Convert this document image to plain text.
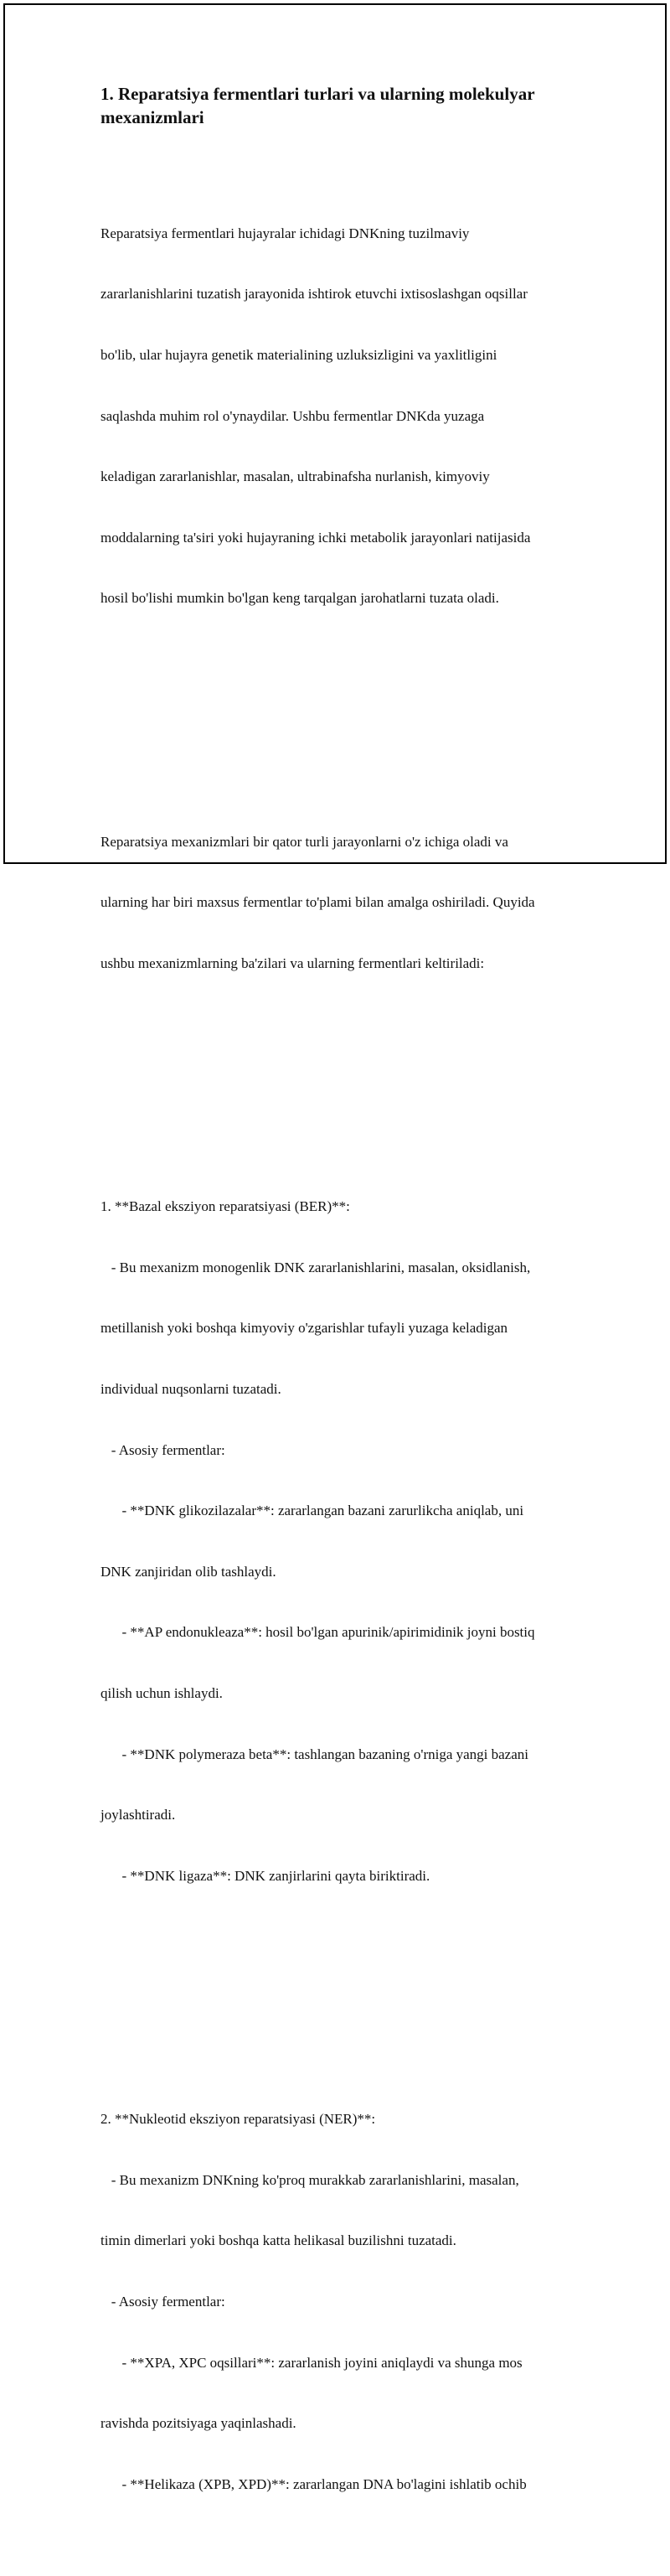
1. Reparatsiya fermentlari turlari va ularning molekulyar
mexanizmlari

Reparatsiya fermentlari hujayralar ichidagi DNKning tuzilmaviy

zararlanishlarini tuzatish jarayonida ishtirok etuvchi ixtisoslashgan oqsillar

bo'lib, ular hujayra genetik materialining uzluksizligini va yaxlitligini

saqlashda muhim rol o'ynaydilar. Ushbu fermentlar DNKda yuzaga

keladigan zararlanishlar, masalan, ultrabinafsha nurlanish, kimyoviy

moddalarning ta'siri yoki hujayraning ichki metabolik jarayonlari natijasida

hosil bo'lishi mumkin bo'lgan keng tarqalgan jarohatlarni tuzata oladi.

Reparatsiya mexanizmlari bir qator turli jarayonlarni o'z ichiga oladi va

ularning har biri maxsus fermentlar to'plami bilan amalga oshiriladi. Quyida

ushbu mexanizmlarning ba'zilari va ularning fermentlari keltiriladi:

1. **Bazal eksziyon reparatsiyasi (BER)**:

- Bu mexanizm monogenlik DNK zararlanishlarini, masalan, oksidlanish,

metillanish yoki boshqa kimyoviy o'zgarishlar tufayli yuzaga keladigan

individual nuqsonlarni tuzatadi.

- Asosiy fermentlar:

- **DNK glikozilazalar**: zararlangan bazani zarurlikcha aniqlab, uni

DNK zanjiridan olib tashlaydi.

- **AP endonukleaza**: hosil bo'lgan apurinik/apirimidinik joyni bostiq

qilish uchun ishlaydi.

- **DNK polymeraza beta**: tashlangan bazaning o'rniga yangi bazani

joylashtiradi.

- **DNK ligaza**: DNK zanjirlarini qayta biriktiradi.

2. **Nukleotid eksziyon reparatsiyasi (NER)**:

- Bu mexanizm DNKning ko'proq murakkab zararlanishlarini, masalan,

timin dimerlari yoki boshqa katta helikasal buzilishni tuzatadi.

- Asosiy fermentlar:

- **XPA, XPC oqsillari**: zararlanish joyini aniqlaydi va shunga mos

ravishda pozitsiyaga yaqinlashadi.

- **Helikaza (XPB, XPD)**: zararlangan DNA bo'lagini ishlatib ochib
